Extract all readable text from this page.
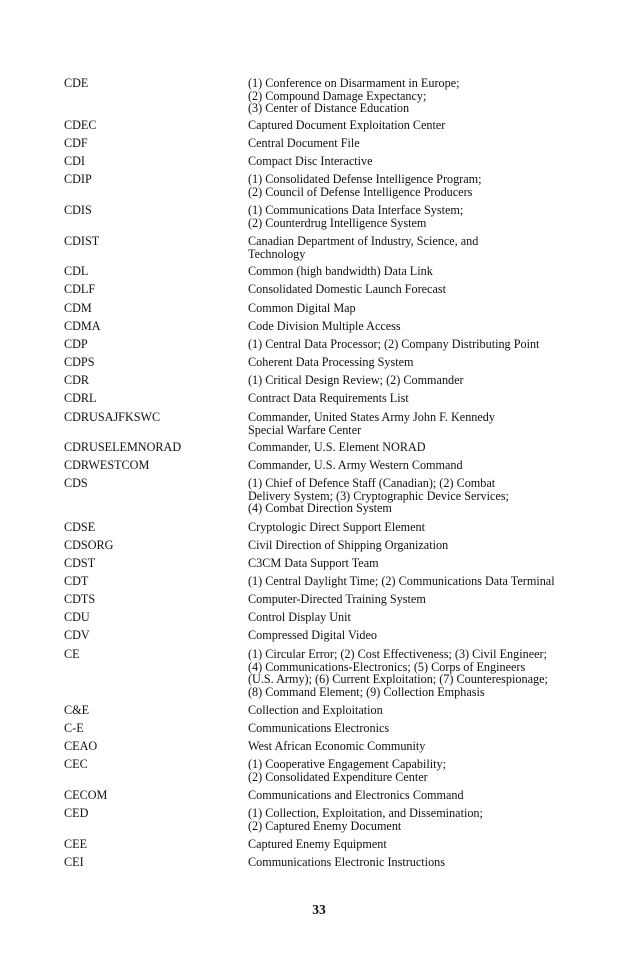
CDE	(1) Conference on Disarmament in Europe;
(2) Compound Damage Expectancy;
(3) Center of Distance Education
CDEC	Captured Document Exploitation Center
CDF	Central Document File
CDI	Compact Disc Interactive
CDIP	(1) Consolidated Defense Intelligence Program;
(2) Council of Defense Intelligence Producers
CDIS	(1) Communications Data Interface System;
(2) Counterdrug Intelligence System
CDIST	Canadian Department of Industry, Science, and
Technology
CDL	Common (high bandwidth) Data Link
CDLF	Consolidated Domestic Launch Forecast
CDM	Common Digital Map
CDMA	Code Division Multiple Access
CDP	(1) Central Data Processor; (2) Company Distributing Point
CDPS	Coherent Data Processing System
CDR	(1) Critical Design Review; (2) Commander
CDRL	Contract Data Requirements List
CDRUSAJFKSWC	Commander, United States Army John F. Kennedy
Special Warfare Center
CDRUSELEMNORAD	Commander, U.S. Element NORAD
CDRWESTCOM	Commander, U.S. Army Western Command
CDS	(1) Chief of Defence Staff (Canadian); (2) Combat
Delivery System; (3) Cryptographic Device Services;
(4) Combat Direction System
CDSE	Cryptologic Direct Support Element
CDSORG	Civil Direction of Shipping Organization
CDST	C3CM Data Support Team
CDT	(1) Central Daylight Time; (2) Communications Data Terminal
CDTS	Computer-Directed Training System
CDU	Control Display Unit
CDV	Compressed Digital Video
CE	(1) Circular Error; (2) Cost Effectiveness; (3) Civil Engineer;
(4) Communications-Electronics; (5) Corps of Engineers
(U.S. Army); (6) Current Exploitation; (7) Counterespionage;
(8) Command Element; (9) Collection Emphasis
C&E	Collection and Exploitation
C-E	Communications Electronics
CEAO	West African Economic Community
CEC	(1) Cooperative Engagement Capability;
(2) Consolidated Expenditure Center
CECOM	Communications and Electronics Command
CED	(1) Collection, Exploitation, and Dissemination;
(2) Captured Enemy Document
CEE	Captured Enemy Equipment
CEI	Communications Electronic Instructions
33
